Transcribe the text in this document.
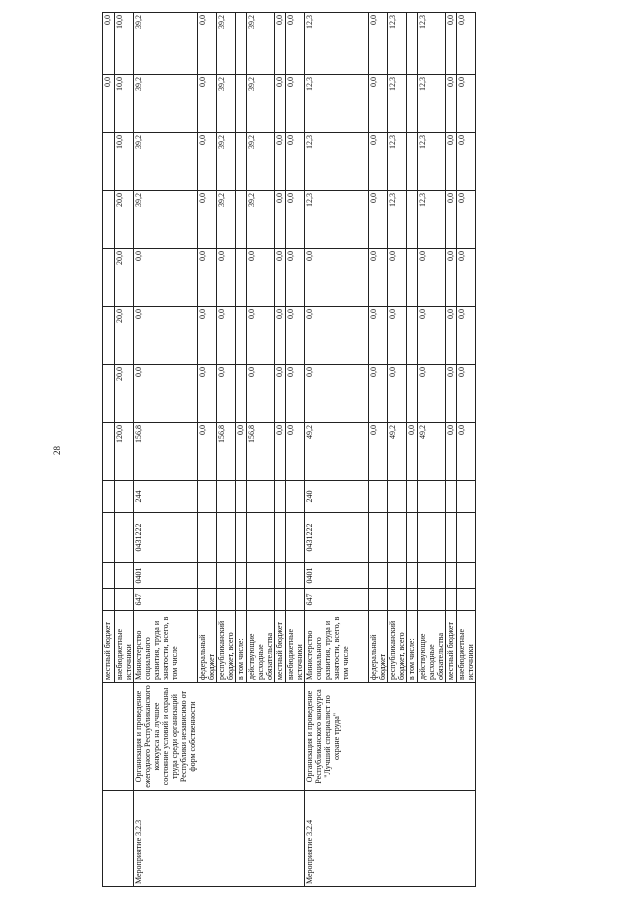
28
		местный бюджет											0,0	0,0
		внебюджетные источники					120,0	20,0	20,0	20,0	20,0	10,0	10,0	10,0
Мероприятие 3.2.3	Организация и проведение ежегодного Республиканского конкурса на лучшее состояние условий и охраны труда среди организаций Республики независимо от форм собственности	Министерство социального развития, труда и занятости, всего, в том числе	647	0401	0431222	244	156,8	0,0	0,0	0,0	39,2	39,2	39,2	39,2
		федеральный бюджет					0,0	0,0	0,0	0,0	0,0	0,0	0,0	0,0
		республиканский бюджет, всего					156,8	0,0	0,0	0,0	39,2	39,2	39,2	39,2
		в том числе:					0,0							
		действующие расходные обязательства					156,8	0,0	0,0	0,0	39,2	39,2	39,2	39,2
		местный бюджет					0,0	0,0	0,0	0,0	0,0	0,0	0,0	0,0
		внебюджетные источники					0,0	0,0	0,0	0,0	0,0	0,0	0,0	0,0
Мероприятие 3.2.4	Организация и проведение Республиканского конкурса "Лучший специалист по охране труда"	Министерство социального развития, труда и занятости, всего, в том числе	647	0401	0431222	240	49,2	0,0	0,0	0,0	12,3	12,3	12,3	12,3
		федеральный бюджет					0,0	0,0	0,0	0,0	0,0	0,0	0,0	0,0
		республиканский бюджет, всего					49,2	0,0	0,0	0,0	12,3	12,3	12,3	12,3
		в том числе:					0,0							
		действующие расходные обязательства					49,2	0,0	0,0	0,0	12,3	12,3	12,3	12,3
		местный бюджет					0,0	0,0	0,0	0,0	0,0	0,0	0,0	0,0
		внебюджетные источники					0,0	0,0	0,0	0,0	0,0	0,0	0,0	0,0
